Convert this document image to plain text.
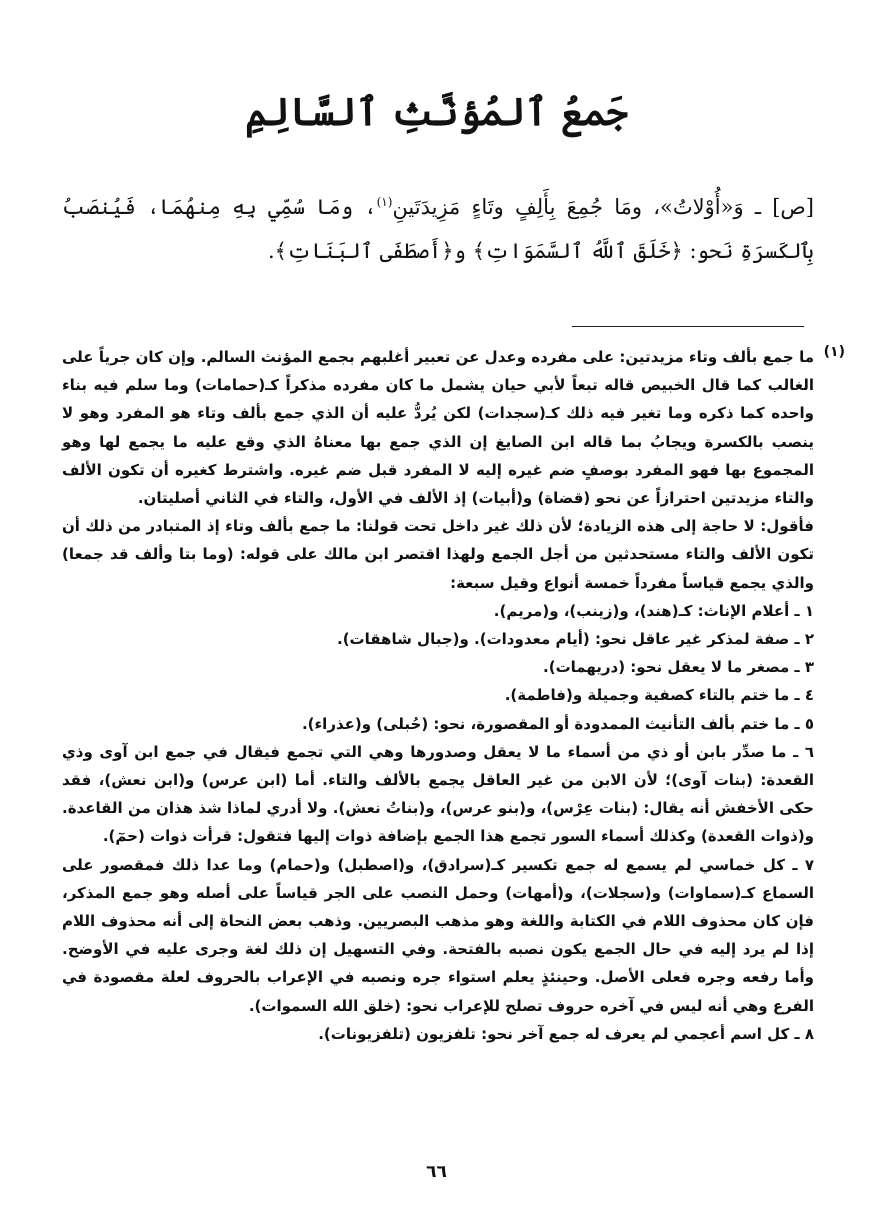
جَمعُ ٱلمُؤنَّثِ ٱلسَّالِمِ

[ص] ـ وَ«أُوْلاتُ»، ومَا جُمِعَ بِأَلِفٍ وتَاءٍ مَزِيدَتَينِ$^{(١)}$، ومَا سُمِّي بِهِ مِنهُمَا، فَيُنصَبُ بِٱلكَسرَةِ نَحو: ﴿خَلَقَ ٱللَّهُ ٱلسَّمَوَاتِ﴾ و﴿أَصطَفَى ٱلبَنَاتِ﴾.

(١)

ما جمع بألف وتاء مزيدتين: على مفرده وعدل عن تعبير أغلبهم بجمع المؤنث السالم. وإن كان جرياً على الغالب كما قال الخبيص قاله تبعاً لأبي حيان يشمل ما كان مفرده مذكراً كـ(حمامات) وما سلم فيه بناء واحده كما ذكره وما تغير فيه ذلك كـ(سجدات) لكن يُردُّ عليه أن الذي جمع بألف وتاء هو المفرد وهو لا ينصب بالكسرة ويجابُ بما قاله ابن الصايغ إن الذي جمع بها معناهُ الذي وقع عليه ما يجمع لها وهو المجموع بها فهو المفرد بوصفٍ ضم غيره إليه لا المفرد قبل ضم غيره. واشترط كغيره أن تكون الألف والتاء مزيدتين احترازاً عن نحو (قضاة) و(أبيات) إذ الألف في الأول، والتاء في الثاني أصليتان.

فأقول: لا حاجة إلى هذه الزيادة؛ لأن ذلك غير داخل تحت قولنا: ما جمع بألف وتاء إذ المتبادر من ذلك أن تكون الألف والتاء مستحدثين من أجل الجمع ولهذا اقتصر ابن مالك على قوله: (وما بتا وألف قد جمعا) والذي يجمع قياساً مفرداً خمسة أنواع وقيل سبعة:

١ ـ أعلام الإناث: كـ(هند)، و(زينب)، و(مريم).

٢ ـ صفة لمذكر غير عاقل نحو: (أيام معدودات). و(جبال شاهقات).

٣ ـ مصغر ما لا يعقل نحو: (دريهمات).

٤ ـ ما ختم بالتاء كصفية وجميلة و(فاطمة).

٥ ـ ما ختم بألف التأنيث الممدودة أو المقصورة، نحو: (حُبلى) و(عذراء).

٦ ـ ما صدِّر بابن أو ذي من أسماء ما لا يعقل وصدورها وهي التي تجمع فيقال في جمع ابن آوى وذي القعدة: (بنات آوى)؛ لأن الابن من غير العاقل يجمع بالألف والتاء. أما (ابن عرس) و(ابن نعش)، فقد حكى الأخفش أنه يقال: (بنات عِرْس)، و(بنو عرس)، و(بناتُ نعش). ولا أدري لماذا شذ هذان من القاعدة. و(ذوات القعدة) وكذلك أسماء السور تجمع هذا الجمع بإضافة ذوات إليها فتقول: قرأت ذوات (حمٓ).

٧ ـ كل خماسي لم يسمع له جمع تكسير كـ(سرادق)، و(اصطبل) و(حمام) وما عدا ذلك فمقصور على السماع كـ(سماوات) و(سجلات)، و(أمهات) وحمل النصب على الجر قياساً على أصله وهو جمع المذكر، فإن كان محذوف اللام في الكتابة واللغة وهو مذهب البصريين. وذهب بعض النحاة إلى أنه محذوف اللام إذا لم يرد إليه في حال الجمع يكون نصبه بالفتحة. وفي التسهيل إن ذلك لغة وجرى عليه في الأوضح. وأما رفعه وجره فعلى الأصل. وحينئذٍ يعلم استواء جره ونصبه في الإعراب بالحروف لعلة مقصودة في الفرع وهي أنه ليس في آخره حروف تصلح للإعراب نحو: (خلق الله السموات).

٨ ـ كل اسم أعجمي لم يعرف له جمع آخر نحو: تلفزيون (تلفزيونات).

٦٦
